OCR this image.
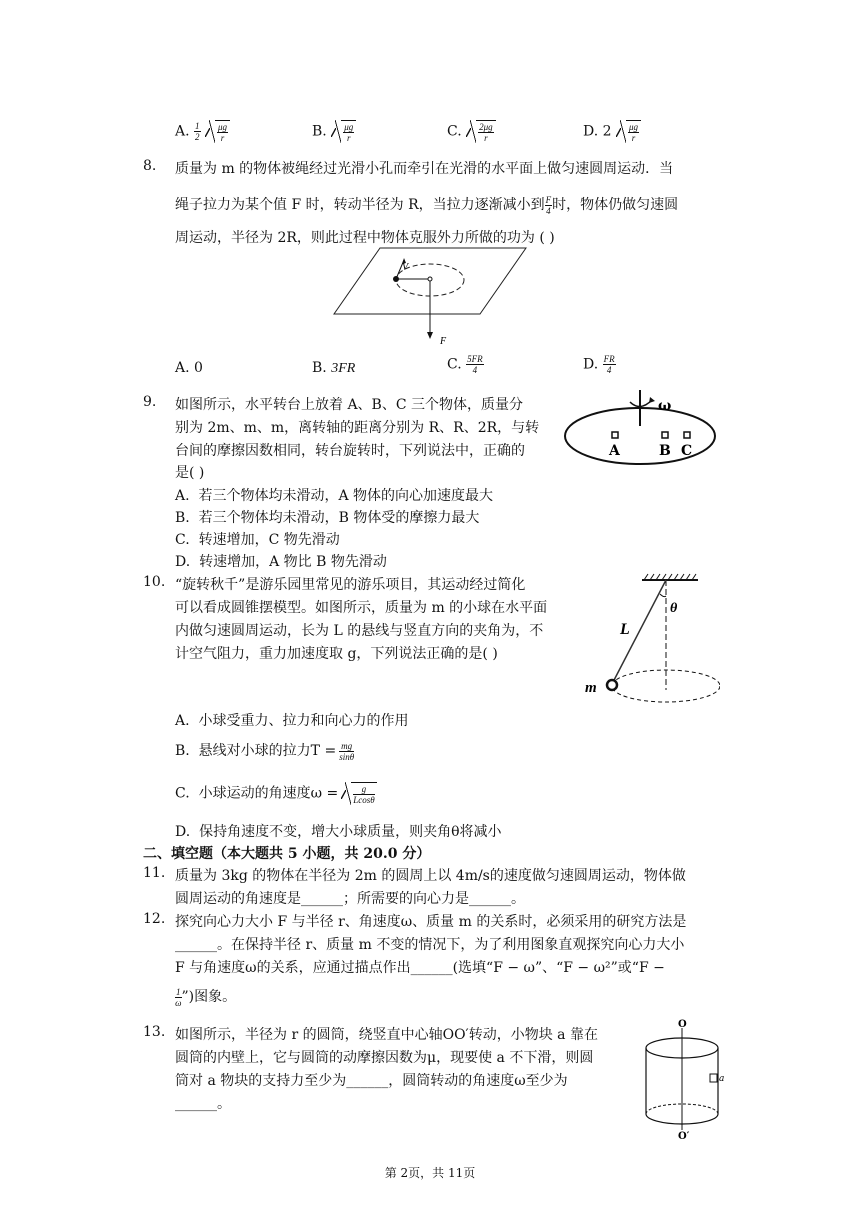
A. $\frac{1}{2}$
$\frac{\mu g}{r}$	B. $\frac{\mu g}{r}$	C. $\frac{2\mu g}{r}$	D. $2 \frac{\mu g}{r}$
8. 质量为 m 的物体被绳经过光滑小孔而牵引在光滑的水平面上做匀速圆周运动．当
绳子拉力为某个值 F 时，转动半径为 R，当拉力逐渐减小到 $\frac{F}{4}$ 时，物体仍做匀速圆
周运动，半径为 2R，则此过程中物体克服外力所做的功为 ( )
V
F
A. 0	B. 3FR	C. $\frac{5FR}{4}$	D. $\frac{FR}{4}$
9. 如图所示，水平转台上放着 A、B、C 三个物体，质量分
别为 2m、m、m，离转轴的距离分别为 R、R、2R，与转
台间的摩擦因数相同，转台旋转时，下列说法中，正确的
是( )
A. 若三个物体均未滑动，A 物体的向心加速度最大
B. 若三个物体均未滑动，B 物体受的摩擦力最大
C. 转速增加，C 物先滑动
D. 转速增加，A 物比 B 物先滑动
ω
A	B C
10. “旋转秋千”是游乐园里常见的游乐项目，其运动经过简化
可以看成圆锥摆模型。如图所示，质量为 m 的小球在水平面
内做匀速圆周运动，长为 L 的悬线与竖直方向的夹角为，不
计空气阻力，重力加速度取 g，下列说法正确的是( )
L
θ
m
A. 小球受重力、拉力和向心力的作用
B. 悬线对小球的拉力$T = \frac{mg}{\sin\theta}$
C. 小球运动的角速度$\omega = \frac{g}{Lcos\theta}$
D. 保持角速度不变，增大小球质量，则夹角θ将减小
二、填空题（本大题共 5 小题，共 20.0 分）
11. 质量为 3kg 的物体在半径为 2m 的圆周上以 4m/s的速度做匀速圆周运动，物体做
圆周运动的角速度是______；所需要的向心力是______。
12. 探究向心力大小 F 与半径 r、角速度ω、质量 m 的关系时，必须采用的研究方法是
______。在保持半径 r、质量 m 不变的情况下，为了利用图象直观探究向心力大小
F 与角速度ω的关系，应通过描点作出______(选填“F − ω”、“F − ω²”或“F −
$\frac{1}{\omega}$ ”)图象。
13. 如图所示，半径为 r 的圆筒，绕竖直中心轴OO′转动，小物块 a 靠在
圆筒的内壁上，它与圆筒的动摩擦因数为μ，现要使 a 不下滑，则圆
筒对 a 物块的支持力至少为______，圆筒转动的角速度ω至少为
______。
O
O′
a
第 2页，共 11页
